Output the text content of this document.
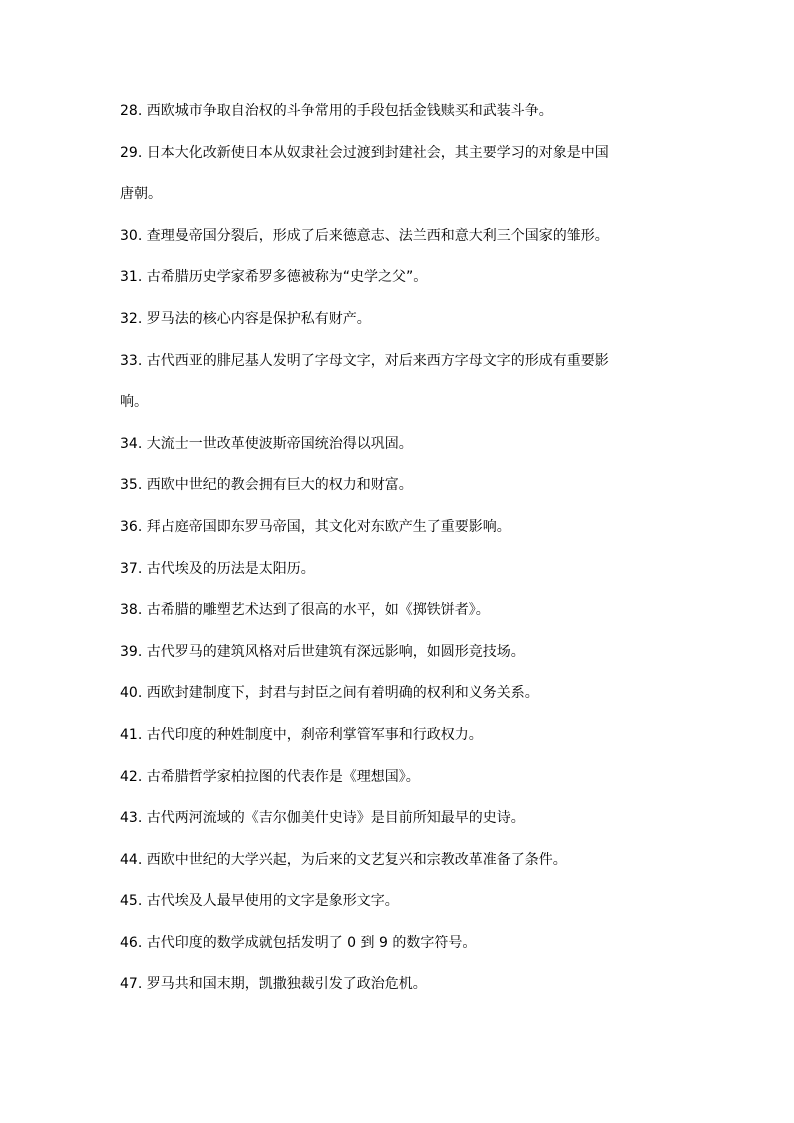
28. 西欧城市争取自治权的斗争常用的手段包括金钱赎买和武装斗争。

29. 日本大化改新使日本从奴隶社会过渡到封建社会，其主要学习的对象是中国

唐朝。

30. 查理曼帝国分裂后，形成了后来德意志、法兰西和意大利三个国家的雏形。

31. 古希腊历史学家希罗多德被称为“史学之父”。

32. 罗马法的核心内容是保护私有财产。

33. 古代西亚的腓尼基人发明了字母文字，对后来西方字母文字的形成有重要影

响。

34. 大流士一世改革使波斯帝国统治得以巩固。

35. 西欧中世纪的教会拥有巨大的权力和财富。

36. 拜占庭帝国即东罗马帝国，其文化对东欧产生了重要影响。

37. 古代埃及的历法是太阳历。

38. 古希腊的雕塑艺术达到了很高的水平，如《掷铁饼者》。

39. 古代罗马的建筑风格对后世建筑有深远影响，如圆形竞技场。

40. 西欧封建制度下，封君与封臣之间有着明确的权利和义务关系。

41. 古代印度的种姓制度中，刹帝利掌管军事和行政权力。

42. 古希腊哲学家柏拉图的代表作是《理想国》。

43. 古代两河流域的《吉尔伽美什史诗》是目前所知最早的史诗。

44. 西欧中世纪的大学兴起，为后来的文艺复兴和宗教改革准备了条件。

45. 古代埃及人最早使用的文字是象形文字。

46. 古代印度的数学成就包括发明了 0 到 9 的数字符号。

47. 罗马共和国末期，凯撒独裁引发了政治危机。
